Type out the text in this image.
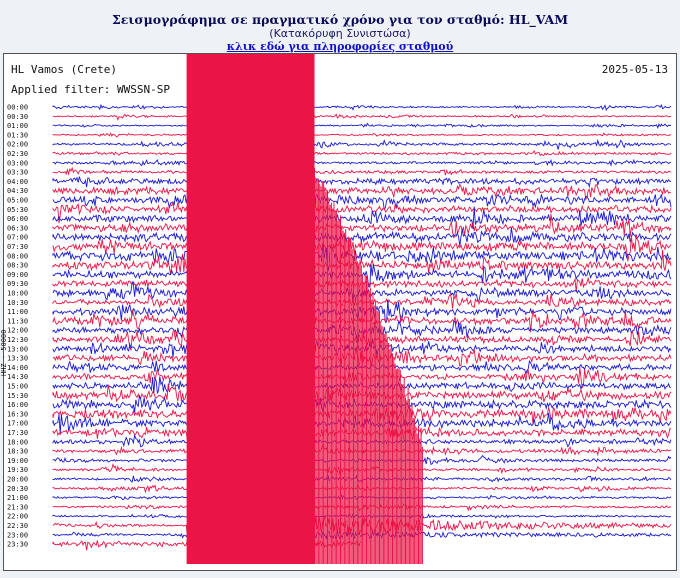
Σεισμογράφημα σε πραγματικό χρόνο για τον σταθμό: HL_VAM
(Κατακόρυφη Συνιστώσα)
κλικ εδώ για πληροφορίες σταθμού
HL Vamos (Crete)	2025-05-13
Applied filter: WWSSN-SP
HHZ - 50000
00:00
00:30
01:00
01:30
02:00
02:30
03:00
03:30
04:00
04:30
05:00
05:30
06:00
06:30
07:00
07:30
08:00
08:30
09:00
09:30
10:00
10:30
11:00
11:30
12:00
12:30
13:00
13:30
14:00
14:30
15:00
15:30
16:00
16:30
17:00
17:30
18:00
18:30
19:00
19:30
20:00
20:30
21:00
21:30
22:00
22:30
23:00
23:30
